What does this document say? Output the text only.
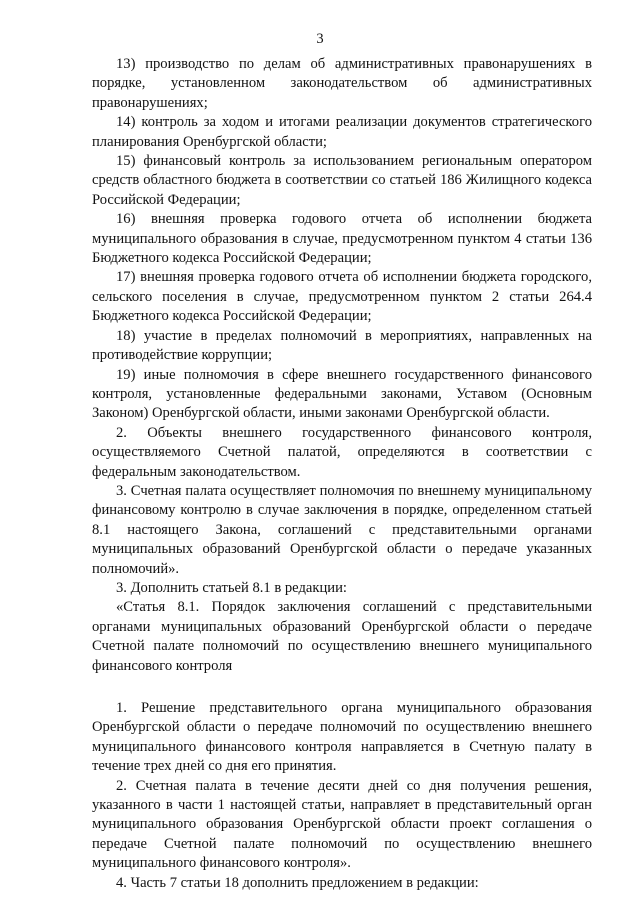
3

13) производство по делам об административных правонарушениях в порядке, установленном законодательством об административных правонарушениях;

14) контроль за ходом и итогами реализации документов стратегического планирования Оренбургской области;

15) финансовый контроль за использованием региональным оператором средств областного бюджета в соответствии со статьей 186 Жилищного кодекса Российской Федерации;

16) внешняя проверка годового отчета об исполнении бюджета муниципального образования в случае, предусмотренном пунктом 4 статьи 136 Бюджетного кодекса Российской Федерации;

17) внешняя проверка годового отчета об исполнении бюджета городского, сельского поселения в случае, предусмотренном пунктом 2 статьи 264.4 Бюджетного кодекса Российской Федерации;

18) участие в пределах полномочий в мероприятиях, направленных на противодействие коррупции;

19) иные полномочия в сфере внешнего государственного финансового контроля, установленные федеральными законами, Уставом (Основным Законом) Оренбургской области, иными законами Оренбургской области.

2. Объекты внешнего государственного финансового контроля, осуществляемого Счетной палатой, определяются в соответствии с федеральным законодательством.

3. Счетная палата осуществляет полномочия по внешнему муниципальному финансовому контролю в случае заключения в порядке, определенном статьей 8.1 настоящего Закона, соглашений с представительными органами муниципальных образований Оренбургской области о передаче указанных полномочий».

3. Дополнить статьей 8.1 в редакции:

«Статья 8.1. Порядок заключения соглашений с представительными органами муниципальных образований Оренбургской области о передаче Счетной палате полномочий по осуществлению внешнего муниципального финансового контроля

1. Решение представительного органа муниципального образования Оренбургской области о передаче полномочий по осуществлению внешнего муниципального финансового контроля направляется в Счетную палату в течение трех дней со дня его принятия.

2. Счетная палата в течение десяти дней со дня получения решения, указанного в части 1 настоящей статьи, направляет в представительный орган муниципального образования Оренбургской области проект соглашения о передаче Счетной палате полномочий по осуществлению внешнего муниципального финансового контроля».

4. Часть 7 статьи 18 дополнить предложением в редакции:
